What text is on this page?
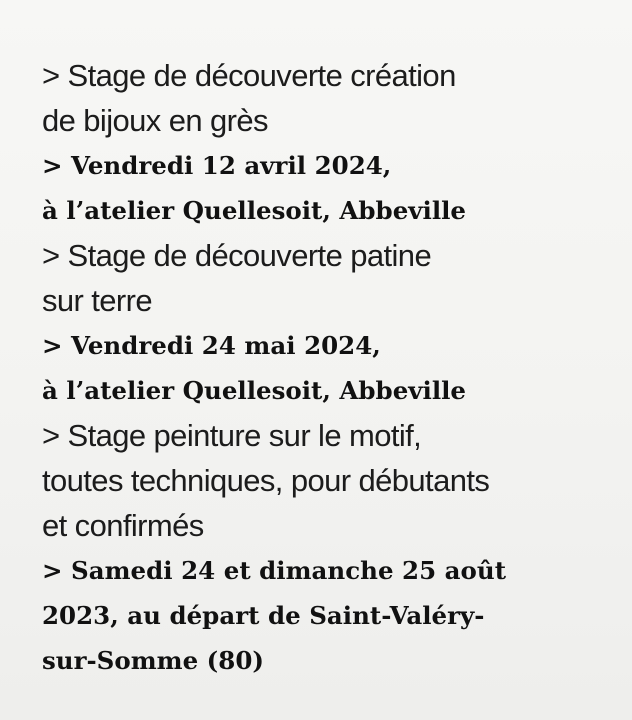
> Stage de découverte création
de bijoux en grès
> Vendredi 12 avril 2024,
à l’atelier Quellesoit, Abbeville
> Stage de découverte patine
sur terre
> Vendredi 24 mai 2024,
à l’atelier Quellesoit, Abbeville
> Stage peinture sur le motif,
toutes techniques, pour débutants
et confirmés
> Samedi 24 et dimanche 25 août
2023, au départ de Saint-Valéry-
sur-Somme (80)
